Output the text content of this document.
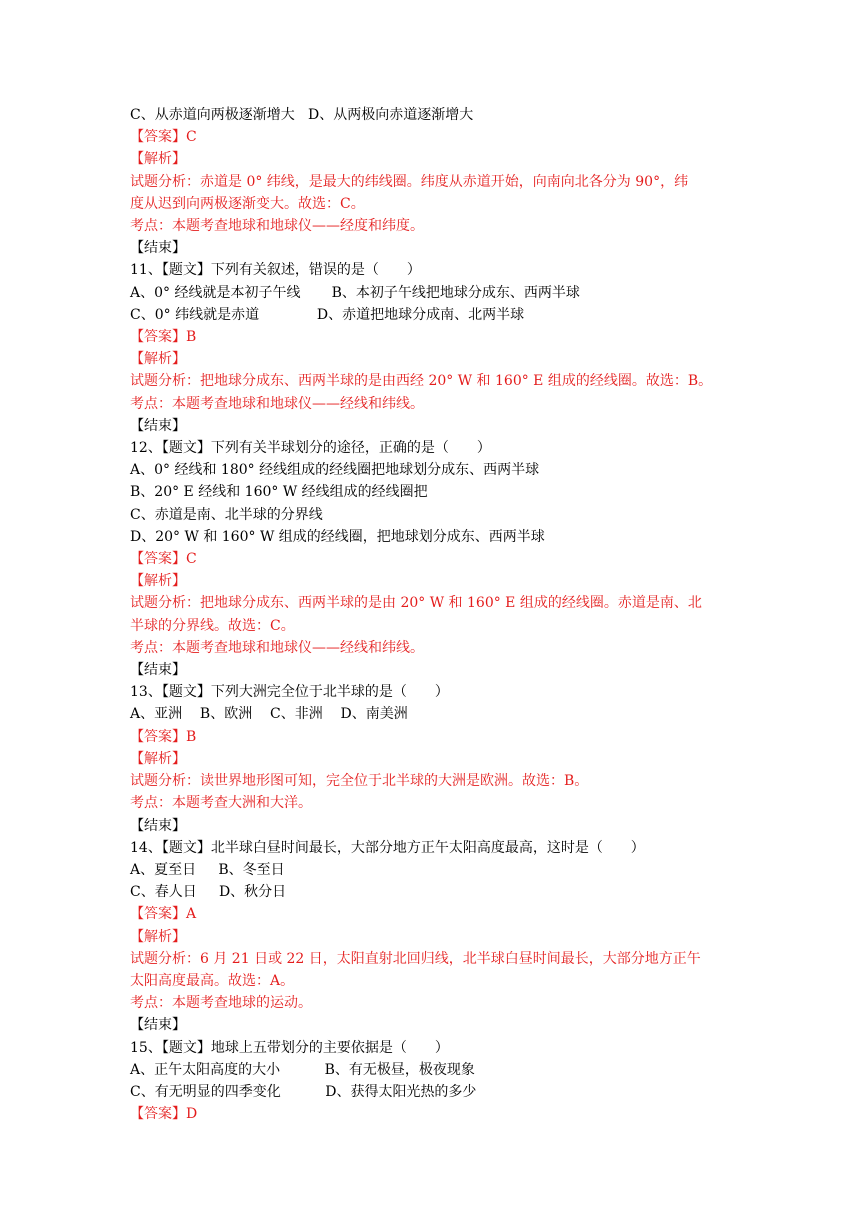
C、从赤道向两极逐渐增大   D、从两极向赤道逐渐增大

【答案】C

【解析】

试题分析：赤道是 0° 纬线，是最大的纬线圈。纬度从赤道开始，向南向北各分为 90°，纬

度从迟到向两极逐渐变大。故选：C。

考点：本题考查地球和地球仪——经度和纬度。

【结束】

11、【题文】下列有关叙述，错误的是（　　）

A、0° 经线就是本初子午线       B、本初子午线把地球分成东、西两半球

C、0° 纬线就是赤道             D、赤道把地球分成南、北两半球

【答案】B

【解析】

试题分析：把地球分成东、西两半球的是由西经 20° W 和 160° E 组成的经线圈。故选：B。

考点：本题考查地球和地球仪——经线和纬线。

【结束】

12、【题文】下列有关半球划分的途径，正确的是（　　）

A、0° 经线和 180° 经线组成的经线圈把地球划分成东、西两半球

B、20° E 经线和 160° W 经线组成的经线圈把

C、赤道是南、北半球的分界线

D、20° W 和 160° W 组成的经线圈，把地球划分成东、西两半球

【答案】C

【解析】

试题分析：把地球分成东、西两半球的是由 20° W 和 160° E 组成的经线圈。赤道是南、北

半球的分界线。故选：C。

考点：本题考查地球和地球仪——经线和纬线。

【结束】

13、【题文】下列大洲完全位于北半球的是（　　）

A、亚洲    B、欧洲    C、非洲    D、南美洲

【答案】B

【解析】

试题分析：读世界地形图可知，完全位于北半球的大洲是欧洲。故选：B。

考点：本题考查大洲和大洋。

【结束】

14、【题文】北半球白昼时间最长，大部分地方正午太阳高度最高，这时是（　　）

A、夏至日     B、冬至日

C、春人日     D、秋分日

【答案】A

【解析】

试题分析：6 月 21 日或 22 日，太阳直射北回归线，北半球白昼时间最长，大部分地方正午

太阳高度最高。故选：A。

考点：本题考查地球的运动。

【结束】

15、【题文】地球上五带划分的主要依据是（　　）

A、正午太阳高度的大小          B、有无极昼，极夜现象

C、有无明显的四季变化          D、获得太阳光热的多少

【答案】D
